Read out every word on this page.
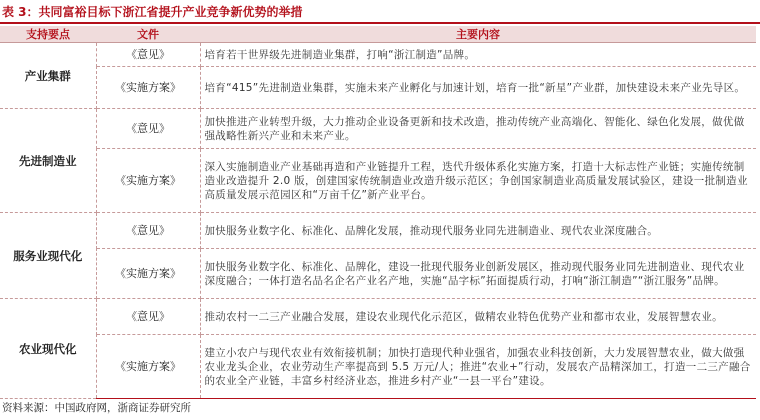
表 3：共同富裕目标下浙江省提升产业竞争新优势的举措
支持要点	文件	主要内容
产业集群	《意见》	培育若干世界级先进制造业集群，打响“浙江制造”品牌。
	《实施方案》	培育“415”先进制造业集群，实施未来产业孵化与加速计划，培育一批“新星”产业群，加快建设未来产业先导区。
先进制造业	《意见》	加快推进产业转型升级，大力推动企业设备更新和技术改造，推动传统产业高端化、智能化、绿色化发展，做优做强战略性新兴产业和未来产业。
	《实施方案》	深入实施制造业产业基础再造和产业链提升工程，迭代升级体系化实施方案，打造十大标志性产业链；实施传统制造业改造提升 2.0 版，创建国家传统制造业改造升级示范区；争创国家制造业高质量发展试验区，建设一批制造业高质量发展示范园区和“万亩千亿”新产业平台。
服务业现代化	《意见》	加快服务业数字化、标准化、品牌化发展，推动现代服务业同先进制造业、现代农业深度融合。
	《实施方案》	加快服务业数字化、标准化、品牌化，建设一批现代服务业创新发展区，推动现代服务业同先进制造业、现代农业深度融合；一体打造名品名企名产业名产地，实施“品字标”拓面提质行动，打响“浙江制造”“浙江服务”品牌。
农业现代化	《意见》	推动农村一二三产业融合发展，建设农业现代化示范区，做精农业特色优势产业和都市农业，发展智慧农业。
	《实施方案》	建立小农户与现代农业有效衔接机制；加快打造现代种业强省，加强农业科技创新，大力发展智慧农业，做大做强农业龙头企业，农业劳动生产率提高到 5.5 万元/人；推进“农业+”行动，发展农产品精深加工，打造一二三产融合的农业全产业链，丰富乡村经济业态，推进乡村产业“一县一平台”建设。
资料来源：中国政府网，浙商证券研究所
